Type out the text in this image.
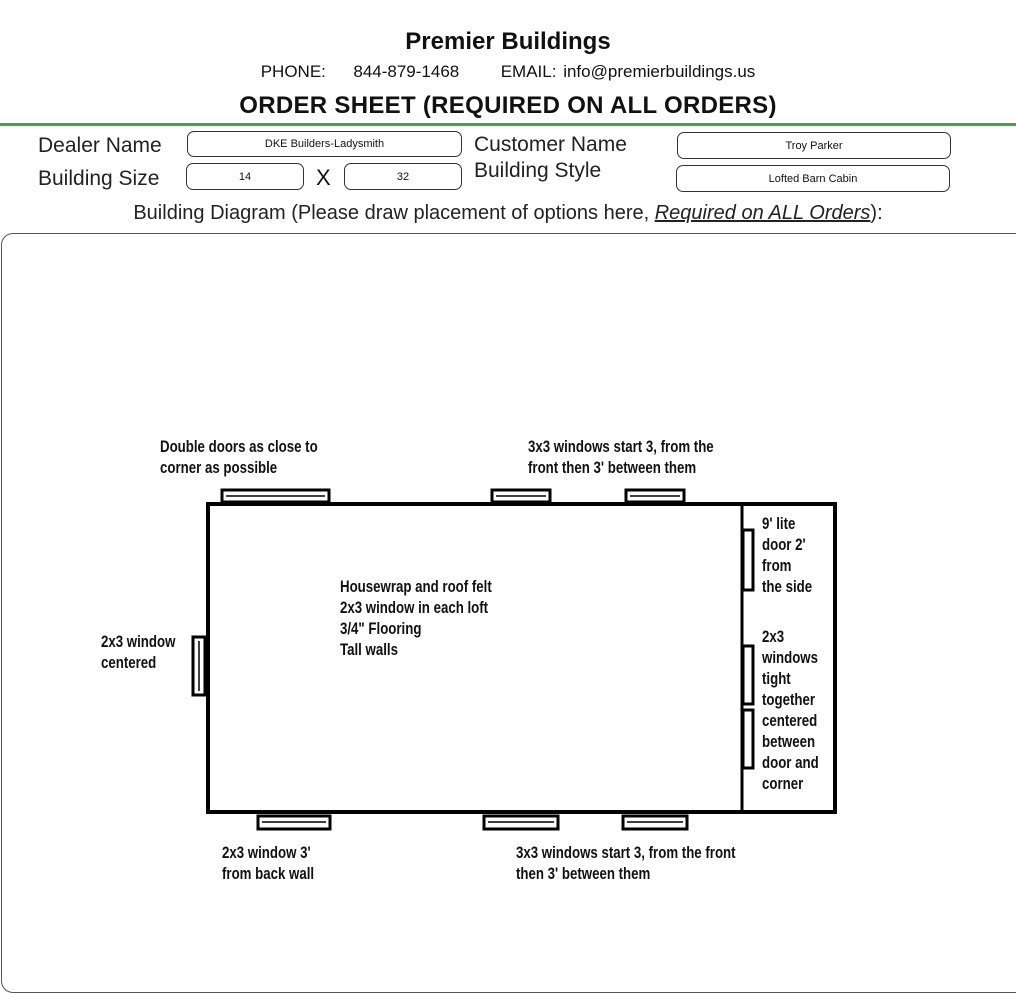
Premier Buildings
PHONE: 844-879-1468 EMAIL: info@premierbuildings.us
ORDER SHEET (REQUIRED ON ALL ORDERS)
Dealer Name	DKE Builders-Ladysmith	Customer Name	Troy Parker
Building Size	14	X	32	Building Style	Lofted Barn Cabin
Building Diagram (Please draw placement of options here, Required on ALL Orders):
Double doors as close to
corner as possible
3x3 windows start 3, from the
front then 3' between them
Housewrap and roof felt
2x3 window in each loft
3/4" Flooring
Tall walls
2x3 window
centered
9' lite
door 2'
from
the side
2x3
windows
tight
together
centered
between
door and
corner
2x3 window 3'
from back wall
3x3 windows start 3, from the front
then 3' between them
